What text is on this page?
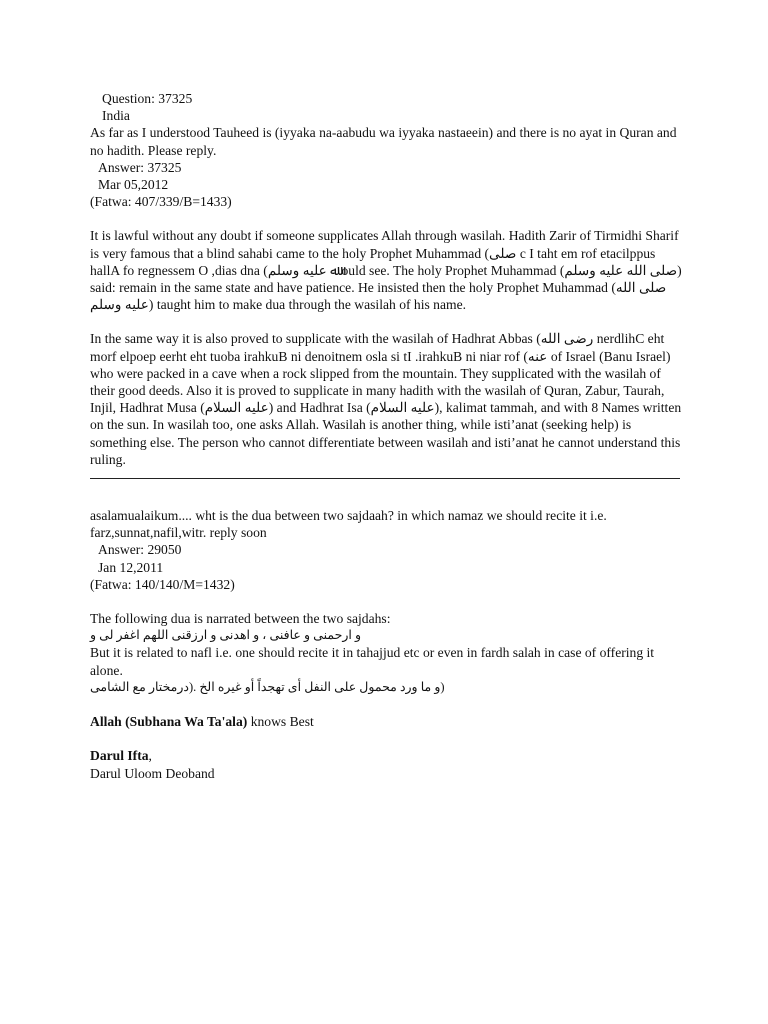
Question: 37325
India
As far as I understood Tauheed is (iyyaka na-aabudu wa iyyaka nastaeein) and there is no ayat in Quran and no hadith. Please reply.
Answer: 37325
Mar 05,2012
(Fatwa: 407/339/B=1433)

It is lawful without any doubt if someone supplicates Allah through wasilah. Hadith Zarir of Tirmidhi Sharif is very famous that a blind sahabi came to the holy Prophet Muhammad (صلى c I taht em rof etacilppus hallA fo regnessem O ,dias dna (ﷲ عليه وسلم ould see. The holy Prophet Muhammad (صلى الله عليه وسلم) said: remain in the same state and have patience. He insisted then the holy Prophet Muhammad (صلى الله عليه وسلم) taught him to make dua through the wasilah of his name.

In the same way it is also proved to supplicate with the wasilah of Hadhrat Abbas (رضى الله nerdlihC eht morf elpoep eerht eht tuoba irahkuB ni denoitnem osla si tI .irahkuB ni niar rof (عنه of Israel (Banu Israel) who were packed in a cave when a rock slipped from the mountain. They supplicated with the wasilah of their good deeds. Also it is proved to supplicate in many hadith with the wasilah of Quran, Zabur, Taurah, Injil, Hadhrat Musa (عليه السلام) and Hadhrat Isa (عليه السلام), kalimat tammah, and with 8 Names written on the sun. In wasilah too, one asks Allah. Wasilah is another thing, while isti’anat (seeking help) is something else. The person who cannot differentiate between wasilah and isti’anat he cannot understand this ruling.

asalamualaikum.... wht is the dua between two sajdaah? in which namaz we should recite it i.e. farz,sunnat,nafil,witr. reply soon
Answer: 29050
Jan 12,2011
(Fatwa: 140/140/M=1432)
The following dua is narrated between the two sajdahs:
و ارحمنى و عافنى ، و اهدنى و ارزقنى اللهم اغفر لى و
But it is related to nafl i.e. one should recite it in tahajjud etc or even in fardh salah in case of offering it alone.
(و ما ورد محمول على النفل أى تهجداً أو غيره الخ .(درمختار مع الشامى
Allah (Subhana Wa Ta'ala) knows Best
Darul Ifta,
Darul Uloom Deoband
